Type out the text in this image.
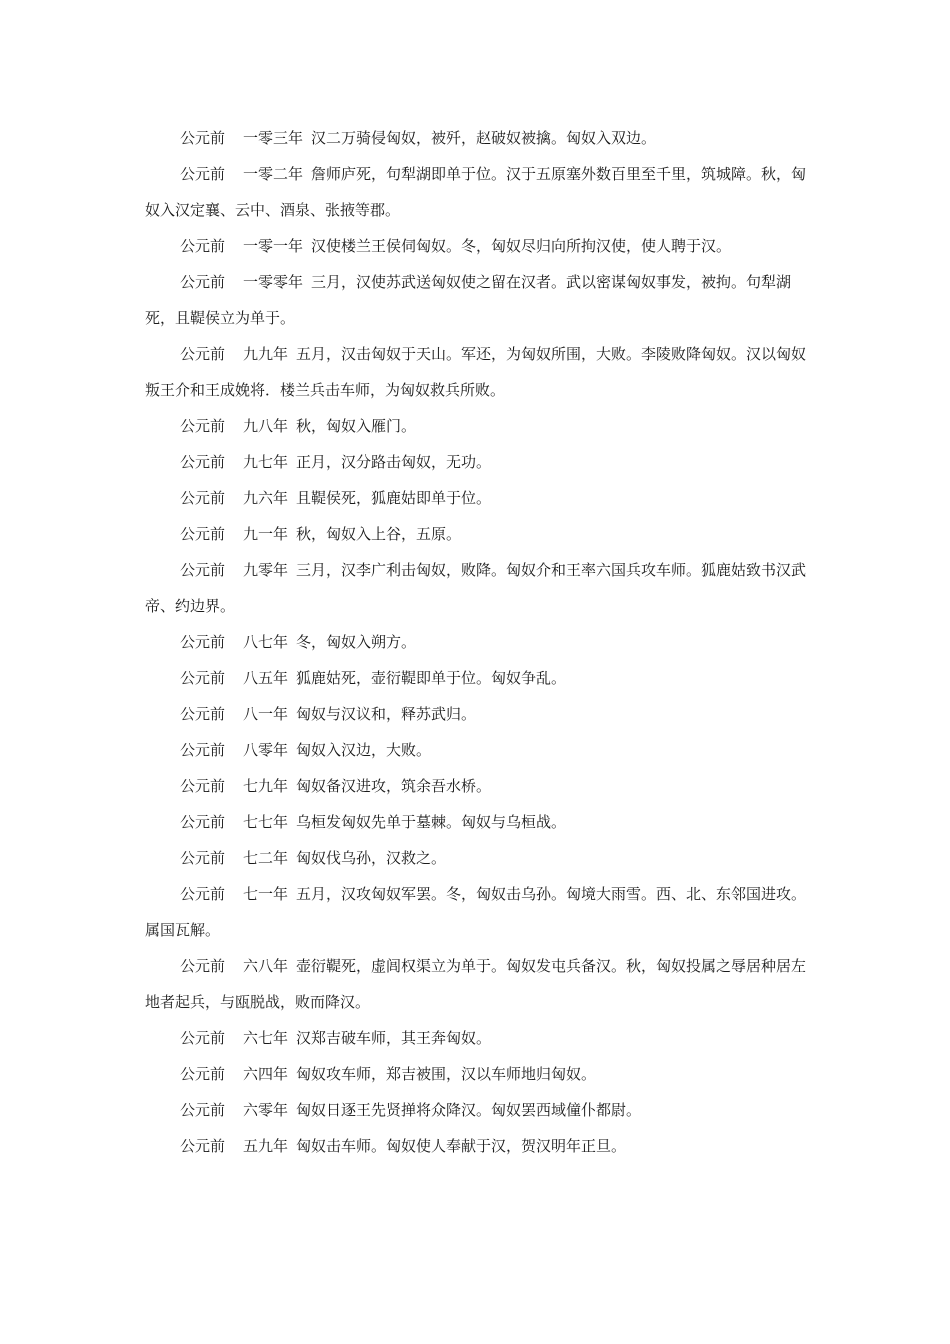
公元前 一零三年 汉二万骑侵匈奴，被歼，赵破奴被擒。匈奴入双边。

公元前 一零二年 詹师庐死，句犁湖即单于位。汉于五原塞外数百里至千里，筑城障。秋，匈奴入汉定襄、云中、酒泉、张掖等郡。

公元前 一零一年 汉使楼兰王侯伺匈奴。冬，匈奴尽归向所拘汉使，使人聘于汉。

公元前 一零零年 三月，汉使苏武送匈奴使之留在汉者。武以密谋匈奴事发，被拘。句犁湖死，且鞮侯立为单于。

公元前 九九年 五月，汉击匈奴于天山。军还，为匈奴所围，大败。李陵败降匈奴。汉以匈奴叛王介和王成娩将．楼兰兵击车师，为匈奴救兵所败。

公元前 九八年 秋，匈奴入雁门。

公元前 九七年 正月，汉分路击匈奴，无功。

公元前 九六年 且鞮侯死，狐鹿姑即单于位。

公元前 九一年 秋，匈奴入上谷，五原。

公元前 九零年 三月，汉李广利击匈奴，败降。匈奴介和王率六国兵攻车师。狐鹿姑致书汉武帝、约边界。

公元前 八七年 冬，匈奴入朔方。

公元前 八五年 狐鹿姑死，壶衍鞮即单于位。匈奴争乱。

公元前 八一年 匈奴与汉议和，释苏武归。

公元前 八零年 匈奴入汉边，大败。

公元前 七九年 匈奴备汉进攻，筑余吾水桥。

公元前 七七年 乌桓发匈奴先单于墓棘。匈奴与乌桓战。

公元前 七二年 匈奴伐乌孙，汉救之。

公元前 七一年 五月，汉攻匈奴军罢。冬，匈奴击乌孙。匈境大雨雪。西、北、东邻国进攻。属国瓦解。

公元前 六八年 壶衍鞮死，虚闾权渠立为单于。匈奴发屯兵备汉。秋，匈奴投属之辱居种居左地者起兵，与瓯脱战，败而降汉。

公元前 六七年 汉郑吉破车师，其王奔匈奴。

公元前 六四年 匈奴攻车师，郑吉被围，汉以车师地归匈奴。

公元前 六零年 匈奴日逐王先贤掸将众降汉。匈奴罢西域僮仆都尉。

公元前 五九年 匈奴击车师。匈奴使人奉献于汉，贺汉明年正旦。
